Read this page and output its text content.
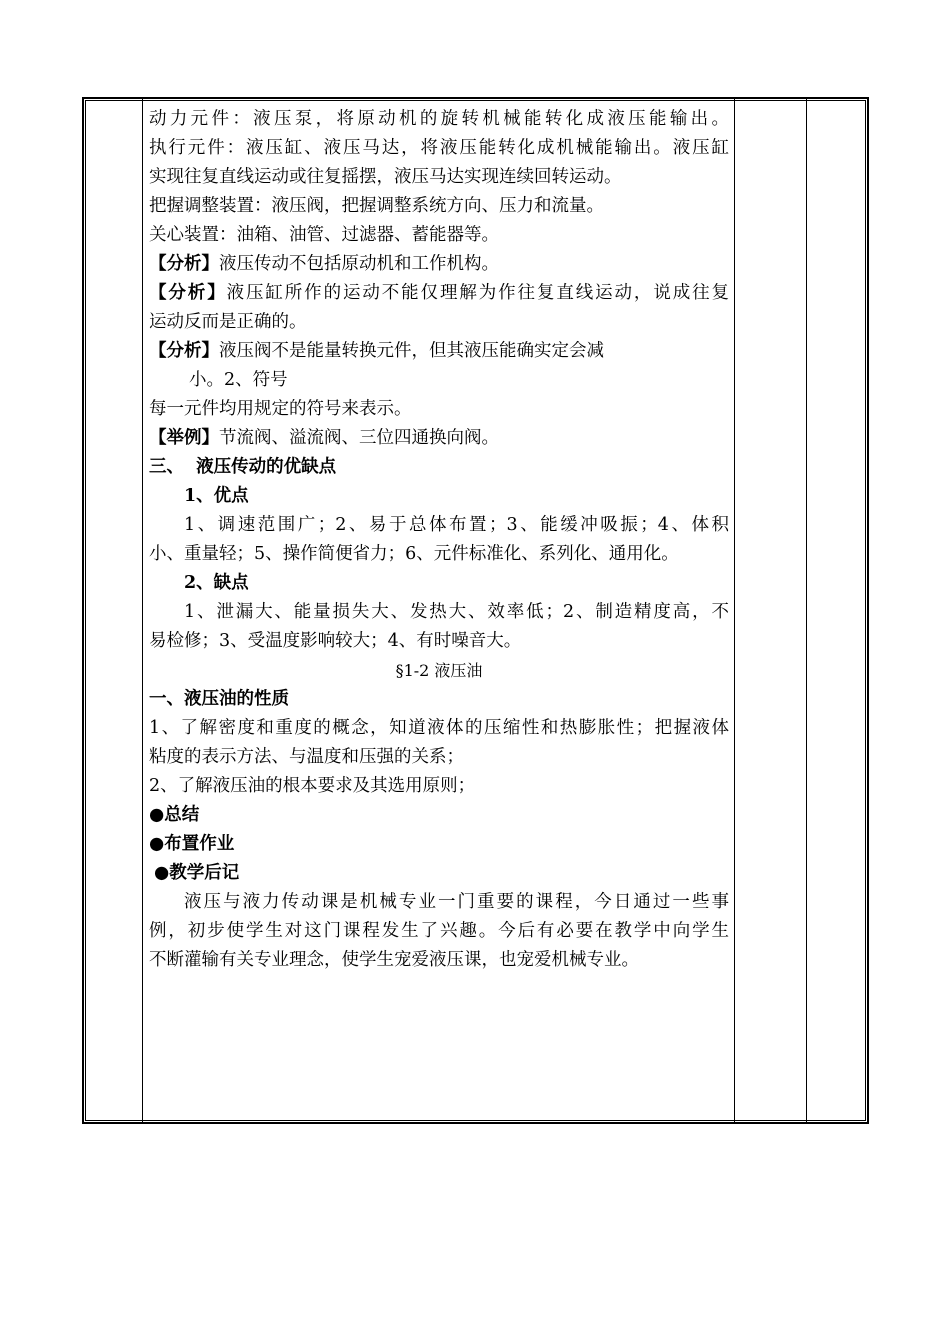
动力元件：液压泵，将原动机的旋转机械能转化成液压能输出。
执行元件：液压缸、液压马达，将液压能转化成机械能输出。液压缸
实现往复直线运动或往复摇摆，液压马达实现连续回转运动。
把握调整装置：液压阀，把握调整系统方向、压力和流量。
关心装置：油箱、油管、过滤器、蓄能器等。
【分析】液压传动不包括原动机和工作机构。
【分析】液压缸所作的运动不能仅理解为作往复直线运动，说成往复
运动反而是正确的。
【分析】液压阀不是能量转换元件，但其液压能确实定会减
小。2、符号
每一元件均用规定的符号来表示。
【举例】节流阀、溢流阀、三位四通换向阀。
三、  液压传动的优缺点
1、优点
1、调速范围广；2、易于总体布置；3、能缓冲吸振；4、体积
小、重量轻；5、操作简便省力；6、元件标准化、系列化、通用化。
2、缺点
1、泄漏大、能量损失大、发热大、效率低；2、制造精度高，不
易检修；3、受温度影响较大；4、有时噪音大。
§1-2 液压油
一、液压油的性质
1、了解密度和重度的概念，知道液体的压缩性和热膨胀性；把握液体
粘度的表示方法、与温度和压强的关系；
2、了解液压油的根本要求及其选用原则；
●总结
●布置作业
●教学后记
液压与液力传动课是机械专业一门重要的课程，今日通过一些事
例，初步使学生对这门课程发生了兴趣。今后有必要在教学中向学生
不断灌输有关专业理念，使学生宠爱液压课，也宠爱机械专业。
